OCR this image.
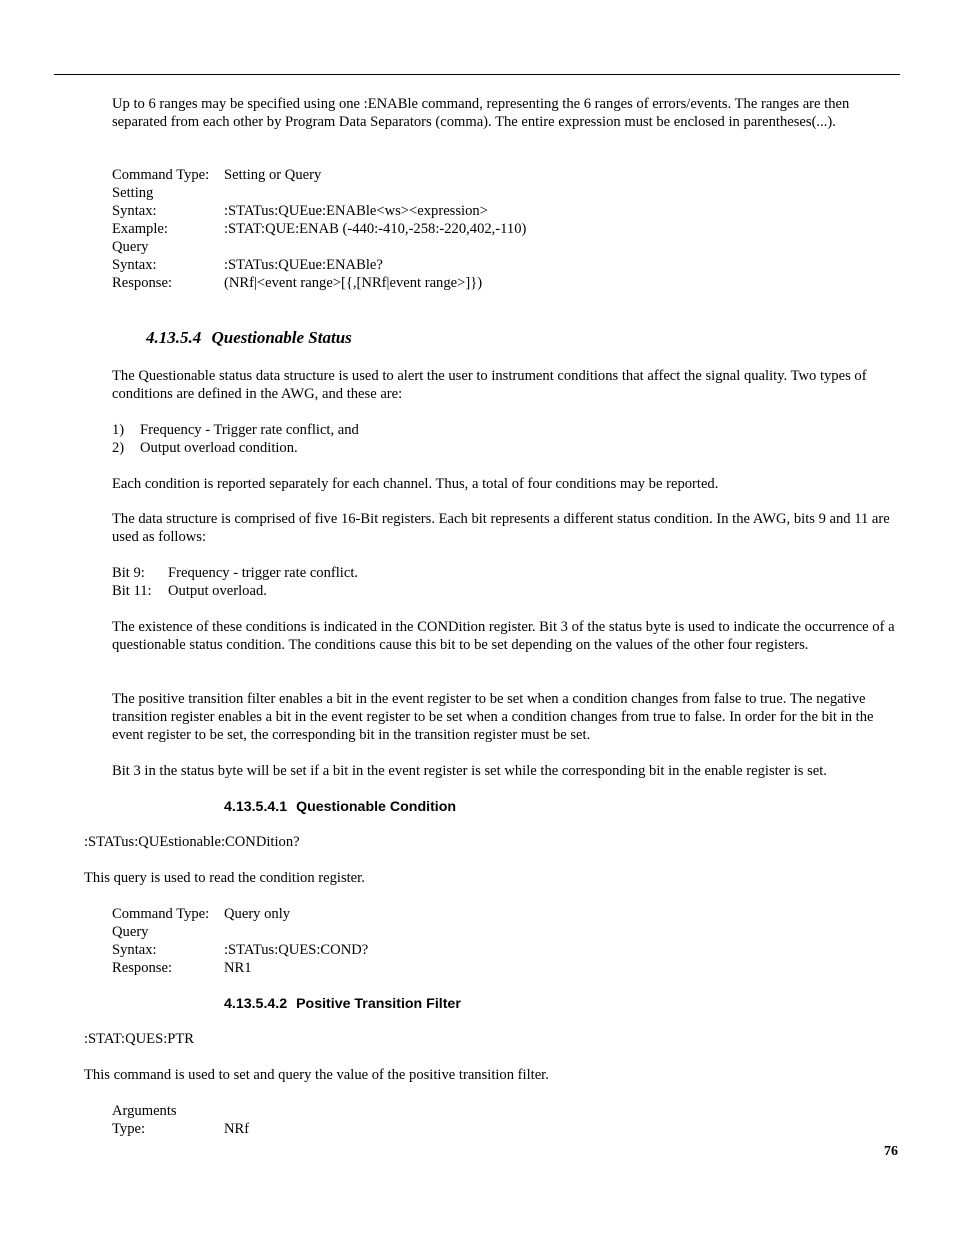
Up to 6 ranges may be specified using one :ENABle command, representing the 6 ranges of errors/events. The ranges are then separated from each other by Program Data Separators (comma). The entire expression must be enclosed in parentheses(...).

Command Type: Setting or Query
Setting
Syntax:	:STATus:QUEue:ENABle<ws><expression>
Example:	:STAT:QUE:ENAB (-440:-410,-258:-220,402,-110)
Query
Syntax:	:STATus:QUEue:ENABle?
Response:	(NRf|<event range>[{,[NRf|event range>]})
4.13.5.4 Questionable Status

The Questionable status data structure is used to alert the user to instrument conditions that affect the signal quality. Two types of conditions are defined in the AWG, and these are:

1) Frequency - Trigger rate conflict, and
2) Output overload condition.

Each condition is reported separately for each channel. Thus, a total of four conditions may be reported.

The data structure is comprised of five 16-Bit registers. Each bit represents a different status condition. In the AWG, bits 9 and 11 are used as follows:

Bit 9: Frequency - trigger rate conflict.
Bit 11: Output overload.

The existence of these conditions is indicated in the CONDition register. Bit 3 of the status byte is used to indicate the occurrence of a questionable status condition. The conditions cause this bit to be set depending on the values of the other four registers.

The positive transition filter enables a bit in the event register to be set when a condition changes from false to true. The negative transition register enables a bit in the event register to be set when a condition changes from true to false. In order for the bit in the event register to be set, the corresponding bit in the transition register must be set.

Bit 3 in the status byte will be set if a bit in the event register is set while the corresponding bit in the enable register is set.

4.13.5.4.1 Questionable Condition

:STATus:QUEstionable:CONDition?

This query is used to read the condition register.

Command Type: Query only
Query
Syntax:	:STATus:QUES:COND?
Response:	NR1
4.13.5.4.2 Positive Transition Filter

:STAT:QUES:PTR

This command is used to set and query the value of the positive transition filter.

Arguments
Type:	NRf
76
